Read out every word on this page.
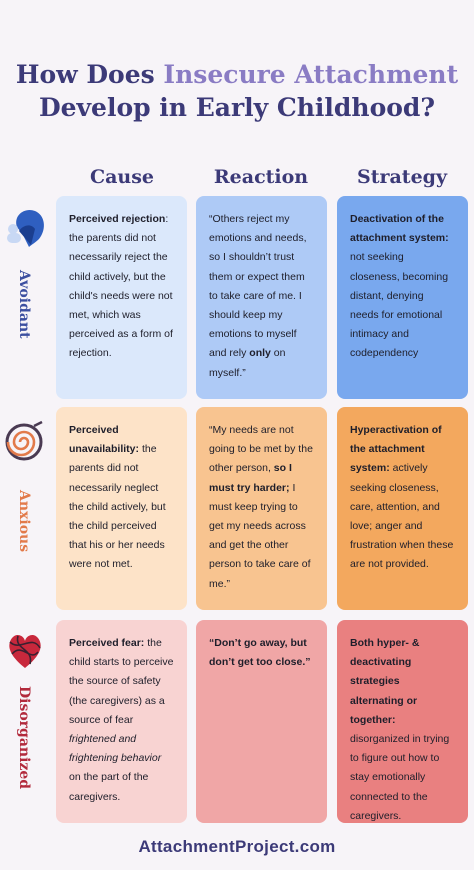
How Does Insecure Attachment
Develop in Early Childhood?
Cause	Reaction	Strategy
Avoidant
Perceived rejection: the parents did not necessarily reject the child actively, but the child's needs were not met, which was perceived as a form of rejection.
“Others reject my emotions and needs, so I shouldn’t trust them or expect them to take care of me. I should keep my emotions to myself and rely only on myself.”
Deactivation of the attachment system: not seeking closeness, becoming distant, denying needs for emotional intimacy and codependency
Anxious
Perceived unavailability: the parents did not necessarily neglect the child actively, but the child perceived that his or her needs were not met.
“My needs are not going to be met by the other person, so I must try harder; I must keep trying to get my needs across and get the other person to take care of me.”
Hyperactivation of the attachment system: actively seeking closeness, care, attention, and love; anger and frustration when these are not provided.
Disorganized
Perceived fear: the child starts to perceive the source of safety (the caregivers) as a source of fear frightened and frightening behavior on the part of the caregivers.
“Don’t go away, but don’t get too close.”
Both hyper- & deactivating strategies alternating or together: disorganized in trying to figure out how to stay emotionally connected to the caregivers.
AttachmentProject.com
